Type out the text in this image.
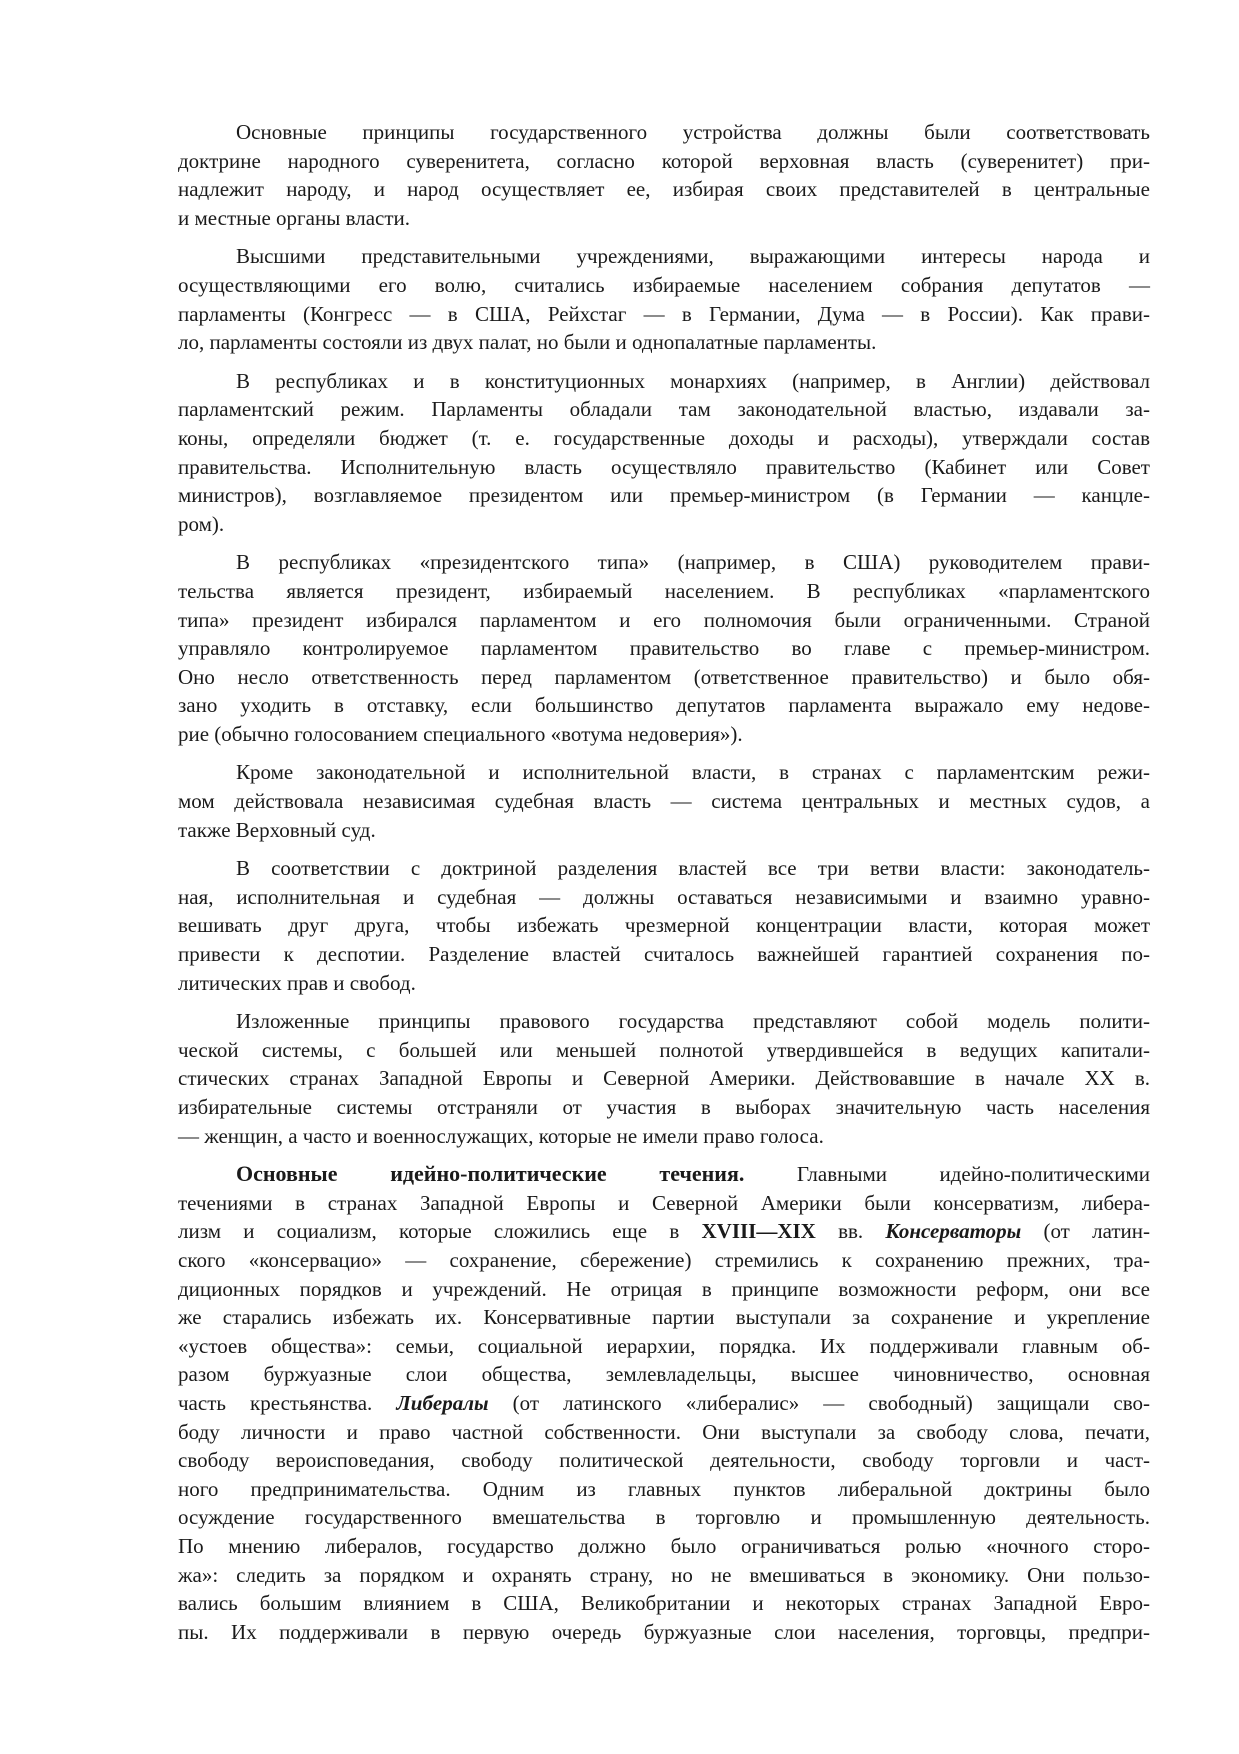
Основные принципы государственного устройства должны были соответствовать
доктрине народного суверенитета, согласно которой верховная власть (суверенитет) при-
надлежит народу, и народ осуществляет ее, избирая своих представителей в центральные
и местные органы власти.
Высшими представительными учреждениями, выражающими интересы народа и
осуществляющими его волю, считались избираемые населением собрания депутатов —
парламенты (Конгресс — в США, Рейхстаг — в Германии, Дума — в России). Как прави-
ло, парламенты состояли из двух палат, но были и однопалатные парламенты.
В республиках и в конституционных монархиях (например, в Англии) действовал
парламентский режим. Парламенты обладали там законодательной властью, издавали за-
коны, определяли бюджет (т. е. государственные доходы и расходы), утверждали состав
правительства. Исполнительную власть осуществляло правительство (Кабинет или Совет
министров), возглавляемое президентом или премьер-министром (в Германии — канцле-
ром).
В республиках «президентского типа» (например, в США) руководителем прави-
тельства является президент, избираемый населением. В республиках «парламентского
типа» президент избирался парламентом и его полномочия были ограниченными. Страной
управляло контролируемое парламентом правительство во главе с премьер-министром.
Оно несло ответственность перед парламентом (ответственное правительство) и было обя-
зано уходить в отставку, если большинство депутатов парламента выражало ему недове-
рие (обычно голосованием специального «вотума недоверия»).
Кроме законодательной и исполнительной власти, в странах с парламентским режи-
мом действовала независимая судебная власть — система центральных и местных судов, а
также Верховный суд.
В соответствии с доктриной разделения властей все три ветви власти: законодатель-
ная, исполнительная и судебная — должны оставаться независимыми и взаимно уравно-
вешивать друг друга, чтобы избежать чрезмерной концентрации власти, которая может
привести к деспотии. Разделение властей считалось важнейшей гарантией сохранения по-
литических прав и свобод.
Изложенные принципы правового государства представляют собой модель полити-
ческой системы, с большей или меньшей полнотой утвердившейся в ведущих капитали-
стических странах Западной Европы и Северной Америки. Действовавшие в начале XX в.
избирательные системы отстраняли от участия в выборах значительную часть населения
— женщин, а часто и военнослужащих, которые не имели право голоса.
Основные идейно-политические течения. Главными идейно-политическими
течениями в странах Западной Европы и Северной Америки были консерватизм, либера-
лизм и социализм, которые сложились еще в XVIII—XIX вв. Консерваторы (от латин-
ского «консервацио» — сохранение, сбережение) стремились к сохранению прежних, тра-
диционных порядков и учреждений. Не отрицая в принципе возможности реформ, они все
же старались избежать их. Консервативные партии выступали за сохранение и укрепление
«устоев общества»: семьи, социальной иерархии, порядка. Их поддерживали главным об-
разом буржуазные слои общества, землевладельцы, высшее чиновничество, основная
часть крестьянства. Либералы (от латинского «либералис» — свободный) защищали сво-
боду личности и право частной собственности. Они выступали за свободу слова, печати,
свободу вероисповедания, свободу политической деятельности, свободу торговли и част-
ного предпринимательства. Одним из главных пунктов либеральной доктрины было
осуждение государственного вмешательства в торговлю и промышленную деятельность.
По мнению либералов, государство должно было ограничиваться ролью «ночного сторо-
жа»: следить за порядком и охранять страну, но не вмешиваться в экономику. Они пользо-
вались большим влиянием в США, Великобритании и некоторых странах Западной Евро-
пы. Их поддерживали в первую очередь буржуазные слои населения, торговцы, предпри-
